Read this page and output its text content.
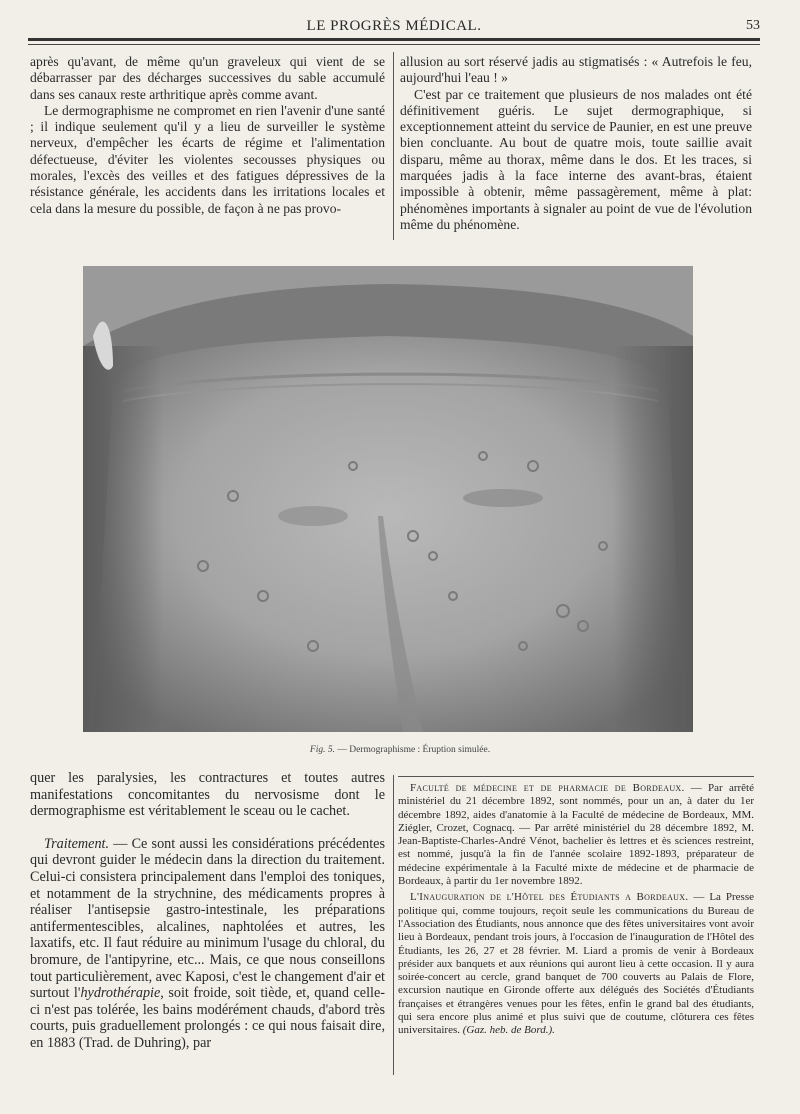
LE PROGRÈS MÉDICAL.	53

après qu'avant, de même qu'un graveleux qui vient de se débarrasser par des décharges successives du sable accumulé dans ses canaux reste arthritique après comme avant.

Le dermographisme ne compromet en rien l'avenir d'une santé ; il indique seulement qu'il y a lieu de surveiller le système nerveux, d'empêcher les écarts de régime et l'alimentation défectueuse, d'éviter les violentes secousses physiques ou morales, l'excès des veilles et des fatigues dépressives de la résistance générale, les accidents dans les irritations locales et cela dans la mesure du possible, de façon à ne pas provo-

allusion au sort réservé jadis au stigmatisés : « Autrefois le feu, aujourd'hui l'eau ! »

C'est par ce traitement que plusieurs de nos malades ont été définitivement guéris. Le sujet dermographique, si exceptionnement atteint du service de Paunier, en est une preuve bien concluante. Au bout de quatre mois, toute saillie avait disparu, même au thorax, même dans le dos. Et les traces, si marquées jadis à la face interne des avant-bras, étaient impossible à obtenir, même passagèrement, même à plat: phénomènes importants à signaler au point de vue de l'évolution même du phénomène.

Fig. 5. — Dermographisme : Éruption simulée.

quer les paralysies, les contractures et toutes autres manifestations concomitantes du nervosisme dont le dermographisme est véritablement le sceau ou le cachet.

Traitement. — Ce sont aussi les considérations précédentes qui devront guider le médecin dans la direction du traitement. Celui-ci consistera principalement dans l'emploi des toniques, et notamment de la strychnine, des médicaments propres à réaliser l'antisepsie gastro-intestinale, les préparations antifermentescibles, alcalines, naphtolées et autres, les laxatifs, etc. Il faut réduire au minimum l'usage du chloral, du bromure, de l'antipyrine, etc... Mais, ce que nous conseillons tout particulièrement, avec Kaposi, c'est le changement d'air et surtout l'hydrothérapie, soit froide, soit tiède, et, quand celle-ci n'est pas tolérée, les bains modérément chauds, d'abord très courts, puis graduellement prolongés : ce qui nous faisait dire, en 1883 (Trad. de Duhring), par

Faculté de médecine et de pharmacie de Bordeaux. — Par arrêté ministériel du 21 décembre 1892, sont nommés, pour un an, à dater du 1er décembre 1892, aides d'anatomie à la Faculté de médecine de Bordeaux, MM. Ziégler, Crozet, Cognacq. — Par arrêté ministériel du 28 décembre 1892, M. Jean-Baptiste-Charles-André Vénot, bachelier ès lettres et ès sciences restreint, est nommé, jusqu'à la fin de l'année scolaire 1892-1893, préparateur de médecine expérimentale à la Faculté mixte de médecine et de pharmacie de Bordeaux, à partir du 1er novembre 1892.

L'Inauguration de l'Hôtel des Étudiants a Bordeaux. — La Presse politique qui, comme toujours, reçoit seule les communications du Bureau de l'Association des Étudiants, nous annonce que des fêtes universitaires vont avoir lieu à Bordeaux, pendant trois jours, à l'occasion de l'inauguration de l'Hôtel des Étudiants, les 26, 27 et 28 février. M. Liard a promis de venir à Bordeaux présider aux banquets et aux réunions qui auront lieu à cette occasion. Il y aura soirée-concert au cercle, grand banquet de 700 couverts au Palais de Flore, excursion nautique en Gironde offerte aux délégués des Sociétés d'Étudiants françaises et étrangères venues pour les fêtes, enfin le grand bal des étudiants, qui sera encore plus animé et plus suivi que de coutume, clôturera ces fêtes universitaires. (Gaz. heb. de Bord.).
